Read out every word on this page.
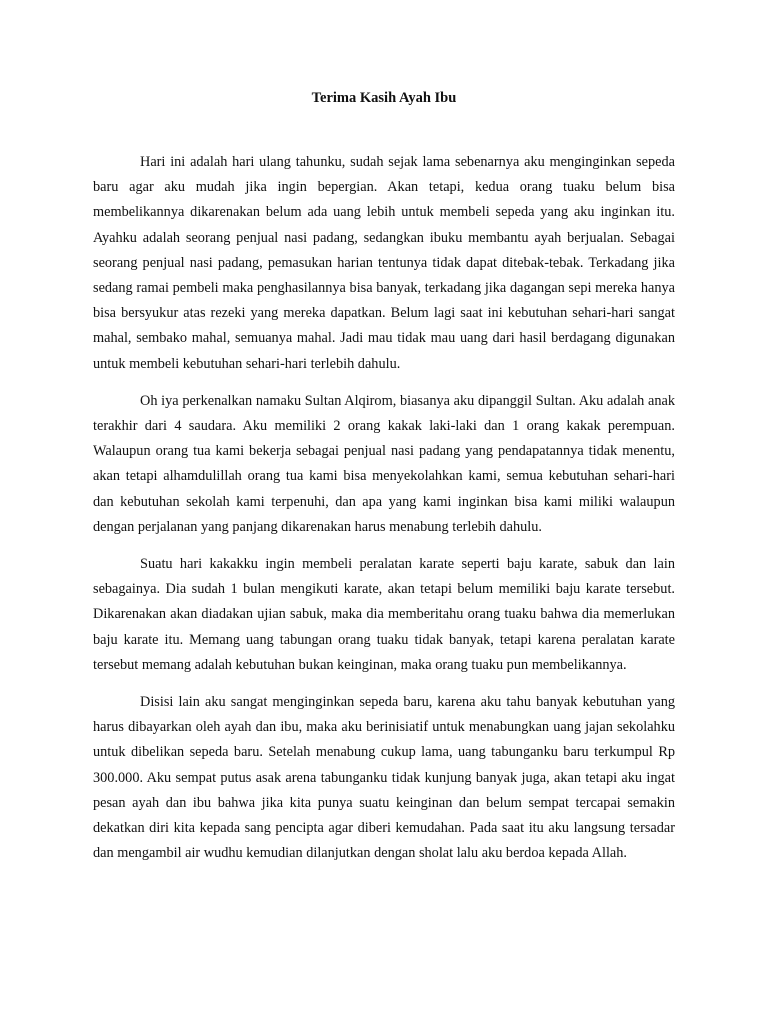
Terima Kasih Ayah Ibu

Hari ini adalah hari ulang tahunku, sudah sejak lama sebenarnya aku menginginkan sepeda baru agar aku mudah jika ingin bepergian. Akan tetapi, kedua orang tuaku belum bisa membelikannya dikarenakan belum ada uang lebih untuk membeli sepeda yang aku inginkan itu. Ayahku adalah seorang penjual nasi padang, sedangkan ibuku membantu ayah berjualan. Sebagai seorang penjual nasi padang, pemasukan harian tentunya tidak dapat ditebak-tebak. Terkadang jika sedang ramai pembeli maka penghasilannya bisa banyak, terkadang jika dagangan sepi mereka hanya bisa bersyukur atas rezeki yang mereka dapatkan. Belum lagi saat ini kebutuhan sehari-hari sangat mahal, sembako mahal, semuanya mahal. Jadi mau tidak mau uang dari hasil berdagang digunakan untuk membeli kebutuhan sehari-hari terlebih dahulu.

Oh iya perkenalkan namaku Sultan Alqirom, biasanya aku dipanggil Sultan. Aku adalah anak terakhir dari 4 saudara. Aku memiliki 2 orang kakak laki-laki dan 1 orang kakak perempuan. Walaupun orang tua kami bekerja sebagai penjual nasi padang yang pendapatannya tidak menentu, akan tetapi alhamdulillah orang tua kami bisa menyekolahkan kami, semua kebutuhan sehari-hari dan kebutuhan sekolah kami terpenuhi, dan apa yang kami inginkan bisa kami miliki walaupun dengan perjalanan yang panjang dikarenakan harus menabung terlebih dahulu.

Suatu hari kakakku ingin membeli peralatan karate seperti baju karate, sabuk dan lain sebagainya. Dia sudah 1 bulan mengikuti karate, akan tetapi belum memiliki baju karate tersebut. Dikarenakan akan diadakan ujian sabuk, maka dia memberitahu orang tuaku bahwa dia memerlukan baju karate itu. Memang uang tabungan orang tuaku tidak banyak, tetapi karena peralatan karate tersebut memang adalah kebutuhan bukan keinginan, maka orang tuaku pun membelikannya.

Disisi lain aku sangat menginginkan sepeda baru, karena aku tahu banyak kebutuhan yang harus dibayarkan oleh ayah dan ibu, maka aku berinisiatif untuk menabungkan uang jajan sekolahku untuk dibelikan sepeda baru. Setelah menabung cukup lama, uang tabunganku baru terkumpul Rp 300.000. Aku sempat putus asak arena tabunganku tidak kunjung banyak juga, akan tetapi aku ingat pesan ayah dan ibu bahwa jika kita punya suatu keinginan dan belum sempat tercapai semakin dekatkan diri kita kepada sang pencipta agar diberi kemudahan. Pada saat itu aku langsung tersadar dan mengambil air wudhu kemudian dilanjutkan dengan sholat lalu aku berdoa kepada Allah.
